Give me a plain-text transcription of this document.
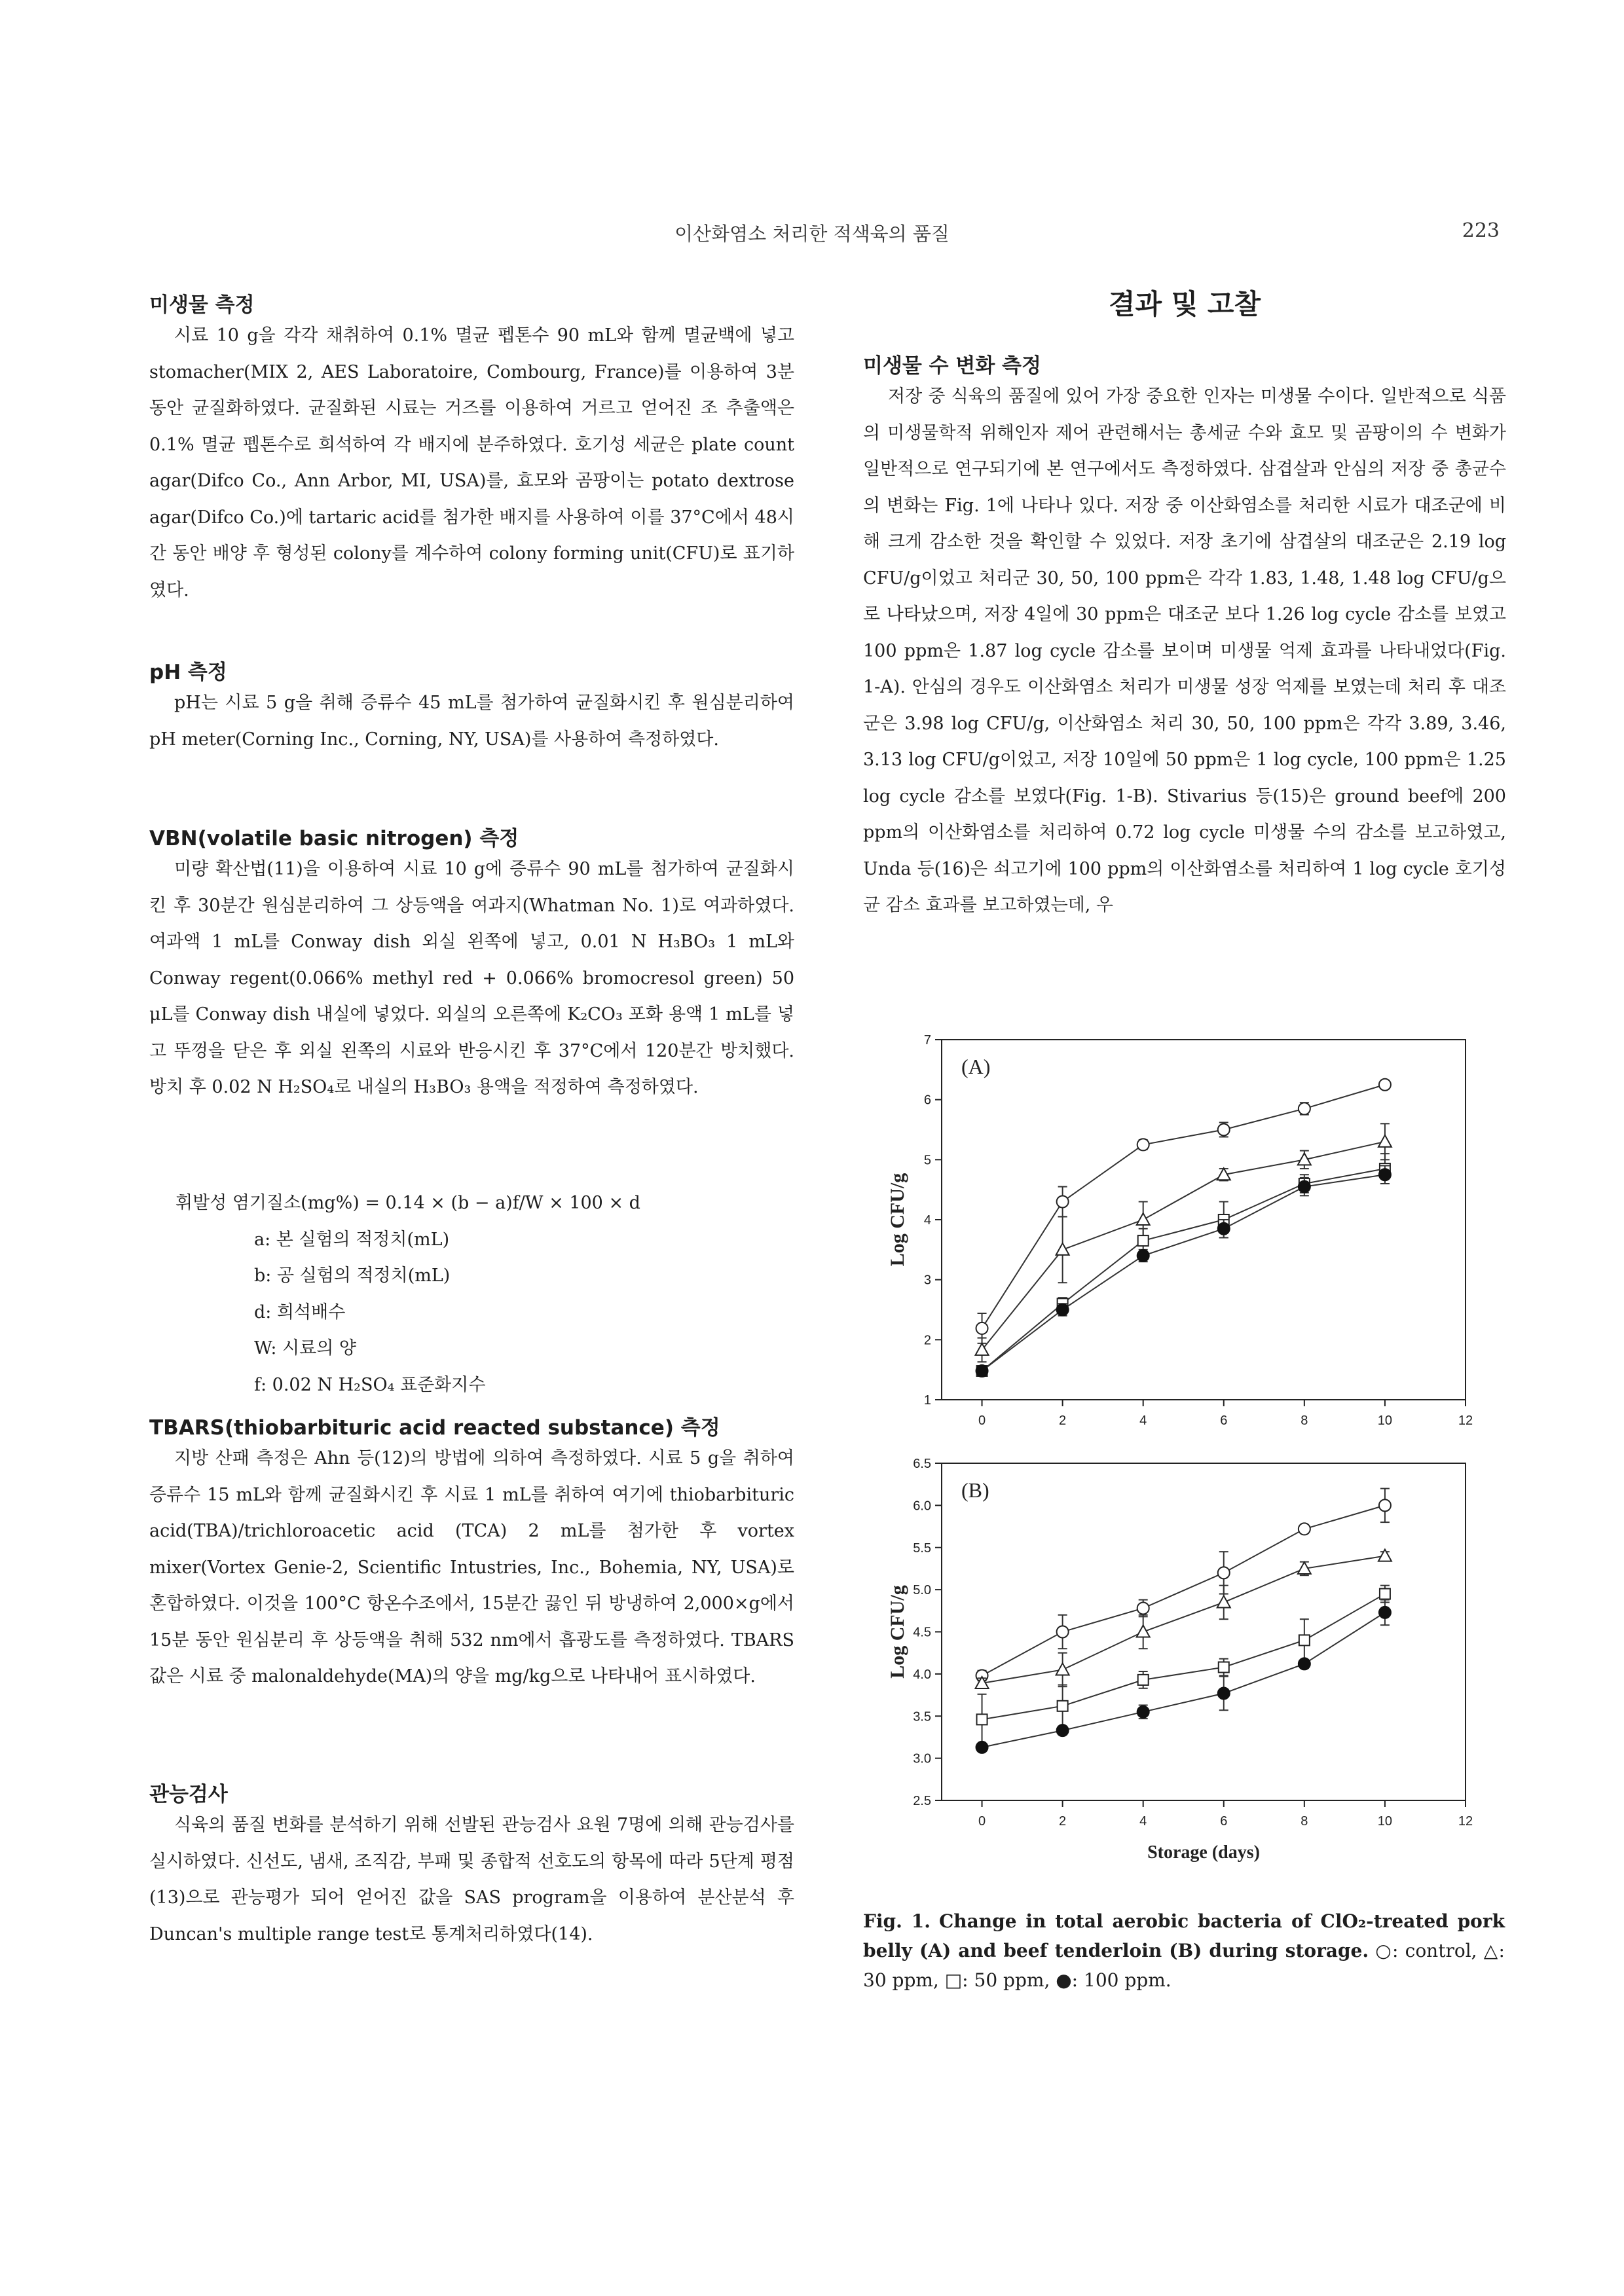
이산화염소 처리한 적색육의 품질	223
미생물 측정

시료 10 g을 각각 채취하여 0.1% 멸균 펩톤수 90 mL와 함께 멸균백에 넣고 stomacher(MIX 2, AES Laboratoire, Combourg, France)를 이용하여 3분 동안 균질화하였다. 균질화된 시료는 거즈를 이용하여 거르고 얻어진 조 추출액은 0.1% 멸균 펩톤수로 희석하여 각 배지에 분주하였다. 호기성 세균은 plate count agar(Difco Co., Ann Arbor, MI, USA)를, 효모와 곰팡이는 potato dextrose agar(Difco Co.)에 tartaric acid를 첨가한 배지를 사용하여 이를 37°C에서 48시간 동안 배양 후 형성된 colony를 계수하여 colony forming unit(CFU)로 표기하였다.

pH 측정

pH는 시료 5 g을 취해 증류수 45 mL를 첨가하여 균질화시킨 후 원심분리하여 pH meter(Corning Inc., Corning, NY, USA)를 사용하여 측정하였다.

VBN(volatile basic nitrogen) 측정

미량 확산법(11)을 이용하여 시료 10 g에 증류수 90 mL를 첨가하여 균질화시킨 후 30분간 원심분리하여 그 상등액을 여과지(Whatman No. 1)로 여과하였다. 여과액 1 mL를 Conway dish 외실 왼쪽에 넣고, 0.01 N H₃BO₃ 1 mL와 Conway regent(0.066% methyl red + 0.066% bromocresol green) 50 μL를 Conway dish 내실에 넣었다. 외실의 오른쪽에 K₂CO₃ 포화 용액 1 mL를 넣고 뚜껑을 닫은 후 외실 왼쪽의 시료와 반응시킨 후 37°C에서 120분간 방치했다. 방치 후 0.02 N H₂SO₄로 내실의 H₃BO₃ 용액을 적정하여 측정하였다.

휘발성 염기질소(mg%) = 0.14 × (b − a)f/W × 100 × d
a: 본 실험의 적정치(mL)
b: 공 실험의 적정치(mL)
d: 희석배수
W: 시료의 양
f: 0.02 N H₂SO₄ 표준화지수
TBARS(thiobarbituric acid reacted substance) 측정

지방 산패 측정은 Ahn 등(12)의 방법에 의하여 측정하였다. 시료 5 g을 취하여 증류수 15 mL와 함께 균질화시킨 후 시료 1 mL를 취하여 여기에 thiobarbituric acid(TBA)/trichloroacetic acid (TCA) 2 mL를 첨가한 후 vortex mixer(Vortex Genie-2, Scientific Intustries, Inc., Bohemia, NY, USA)로 혼합하였다. 이것을 100°C 항온수조에서, 15분간 끓인 뒤 방냉하여 2,000×g에서 15분 동안 원심분리 후 상등액을 취해 532 nm에서 흡광도를 측정하였다. TBARS값은 시료 중 malonaldehyde(MA)의 양을 mg/kg으로 나타내어 표시하였다.

관능검사

식육의 품질 변화를 분석하기 위해 선발된 관능검사 요원 7명에 의해 관능검사를 실시하였다. 신선도, 냄새, 조직감, 부패 및 종합적 선호도의 항목에 따라 5단계 평점(13)으로 관능평가 되어 얻어진 값을 SAS program을 이용하여 분산분석 후 Duncan's multiple range test로 통계처리하였다(14).

결과 및 고찰
미생물 수 변화 측정

저장 중 식육의 품질에 있어 가장 중요한 인자는 미생물 수이다. 일반적으로 식품의 미생물학적 위해인자 제어 관련해서는 총세균 수와 효모 및 곰팡이의 수 변화가 일반적으로 연구되기에 본 연구에서도 측정하였다. 삼겹살과 안심의 저장 중 총균수의 변화는 Fig. 1에 나타나 있다. 저장 중 이산화염소를 처리한 시료가 대조군에 비해 크게 감소한 것을 확인할 수 있었다. 저장 초기에 삼겹살의 대조군은 2.19 log CFU/g이었고 처리군 30, 50, 100 ppm은 각각 1.83, 1.48, 1.48 log CFU/g으로 나타났으며, 저장 4일에 30 ppm은 대조군 보다 1.26 log cycle 감소를 보였고 100 ppm은 1.87 log cycle 감소를 보이며 미생물 억제 효과를 나타내었다(Fig. 1-A). 안심의 경우도 이산화염소 처리가 미생물 성장 억제를 보였는데 처리 후 대조군은 3.98 log CFU/g, 이산화염소 처리 30, 50, 100 ppm은 각각 3.89, 3.46, 3.13 log CFU/g이었고, 저장 10일에 50 ppm은 1 log cycle, 100 ppm은 1.25 log cycle 감소를 보였다(Fig. 1-B). Stivarius 등(15)은 ground beef에 200 ppm의 이산화염소를 처리하여 0.72 log cycle 미생물 수의 감소를 보고하였고, Unda 등(16)은 쇠고기에 100 ppm의 이산화염소를 처리하여 1 log cycle 호기성균 감소 효과를 보고하였는데, 우

1
2
3
4
5
6
7
0	2	4	6	8	10	12
(A)
Log CFU/g
2.5
3.0
3.5
4.0
4.5
5.0
5.5
6.0
6.5
0	2	4	6	8	10	12
(B)
Log CFU/g
Storage (days)
Fig. 1. Change in total aerobic bacteria of ClO₂-treated pork belly (A) and beef tenderloin (B) during storage. ○: control, △: 30 ppm, □: 50 ppm, ●: 100 ppm.
